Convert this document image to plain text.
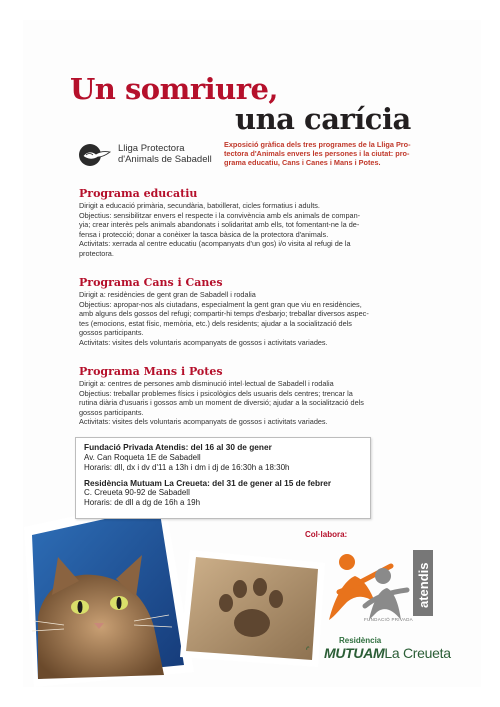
Un somriure,
una carícia
Lliga Protectora
d'Animals de Sabadell
Exposició gràfica dels tres programes de la Lliga Pro-
tectora d'Animals envers les persones i la ciutat: pro-
grama educatiu, Cans i Canes i Mans i Potes.
Programa educatiu
Dirigit a educació primària, secundària, batxillerat, cicles formatius i adults.
Objectius: sensibilitzar envers el respecte i la convivència amb els animals de compan-
yia; crear interès pels animals abandonats i solidaritat amb ells, tot fomentant-ne la de-
fensa i protecció; donar a conèixer la tasca bàsica de la protectora d'animals.
Activitats: xerrada al centre educatiu (acompanyats d'un gos) i/o visita al refugi de la
protectora.
Programa Cans i Canes
Dirigit a: residències de gent gran de Sabadell i rodalia
Objectius: apropar-nos als ciutadans, especialment la gent gran que viu en residències,
amb alguns dels gossos del refugi; compartir-hi temps d'esbarjo; treballar diversos aspec-
tes (emocions, estat físic, memòria, etc.) dels residents; ajudar a la socialització dels
gossos participants.
Activitats: visites dels voluntaris acompanyats de gossos i activitats variades.
Programa Mans i Potes
Dirigit a: centres de persones amb disminució intel·lectual de Sabadell i rodalia
Objectius: treballar problemes físics i psicològics dels usuaris dels centres; trencar la
rutina diària d'usuaris i gossos amb un moment de diversió; ajudar a la socialització dels
gossos participants.
Activitats: visites dels voluntaris acompanyats de gossos i activitats variades.
Fundació Privada Atendis: del 16 al 30 de gener
Av. Can Roqueta 1E de Sabadell
Horaris: dll, dx i dv d'11 a 13h i dm i dj de 16:30h a 18:30h
Residència Mutuam La Creueta: del 31 de gener al 15 de febrer
C. Creueta 90-92 de Sabadell
Horaris: de dll a dg de 16h a 19h
Col·labora:
atendis
FUNDACIÓ PRIVADA
Residència
MUTUAMLa Creueta
